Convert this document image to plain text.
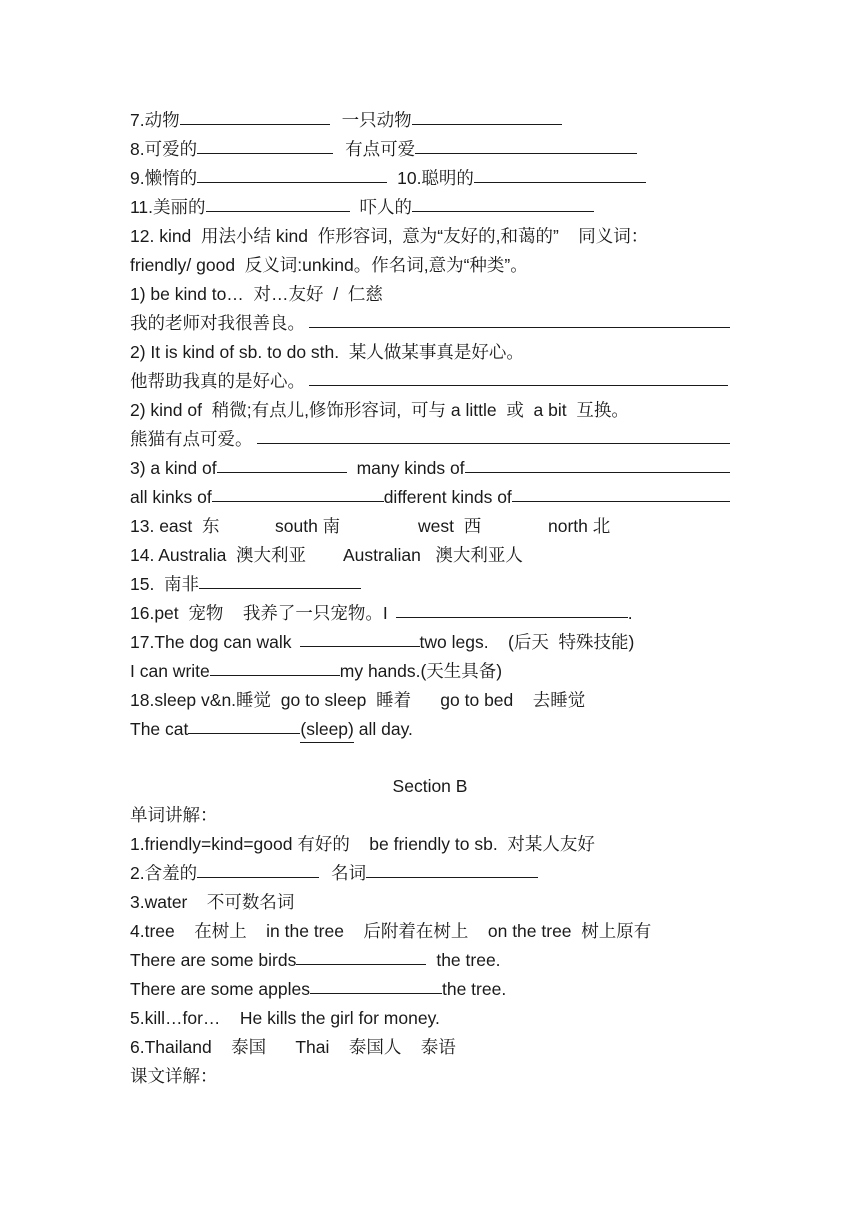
7.动物	一只动物
8.可爱的	有点可爱
9.懒惰的	10.聪明的
11.美丽的	吓人的
12. kind  用法小结 kind  作形容词,  意为“友好的,和蔼的”    同义词：
friendly/ good  反义词:unkind。作名词,意为“种类”。
1) be kind to…  对…友好  /  仁慈
我的老师对我很善良。
2) It is kind of sb. to do sth.  某人做某事真是好心。
他帮助我真的是好心。
2) kind of  稍微;有点儿,修饰形容词,  可与 a little  或  a bit  互换。
熊猫有点可爱。
3) a kind of	many kinds of
all kinks of	different kinds of
13. east  东	south 南	west  西	north 北
14. Australia  澳大利亚	Australian   澳大利亚人
15.  南非
16.pet  宠物    我养了一只宠物。I	.
17.The dog can walk	two legs.    (后天  特殊技能)
I can write	my hands.(天生具备)
18.sleep v&n.睡觉  go to sleep  睡着      go to bed    去睡觉
The cat	(sleep) all day.
Section B
单词讲解：
1.friendly=kind=good 有好的    be friendly to sb.  对某人友好
2.含羞的	名词
3.water    不可数名词
4.tree    在树上    in the tree    后附着在树上    on the tree  树上原有
There are some birds	the tree.
There are some apples	the tree.
5.kill…for…    He kills the girl for money.
6.Thailand    泰国      Thai    泰国人    泰语
课文详解：
